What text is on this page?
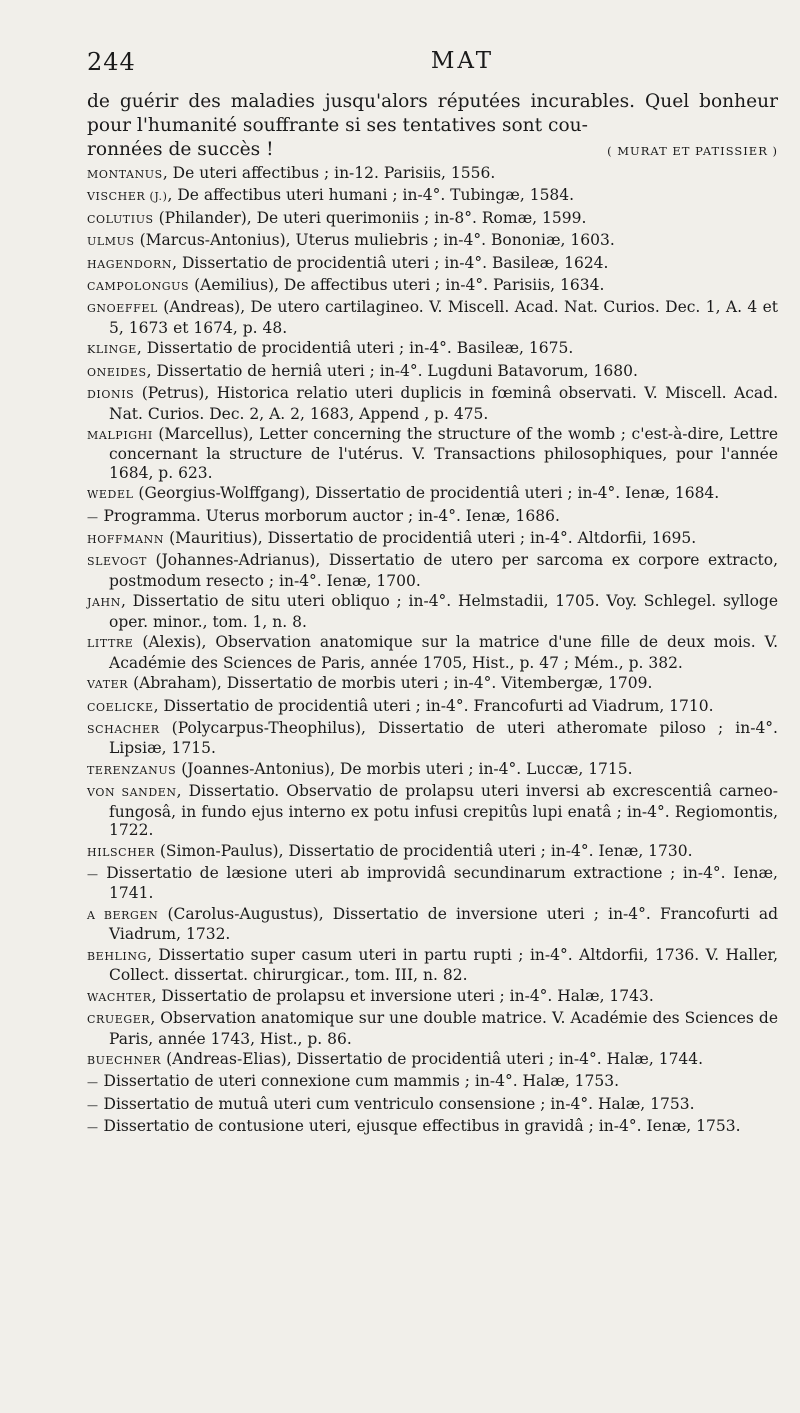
244	MAT

de guérir des maladies jusqu'alors réputées incurables. Quel bonheur pour l'humanité souffrante si ses tentatives sont cou-

ronnées de succès !	( MURAT ET PATISSIER )

MONTANUS, De uteri affectibus ; in-12. Parisiis, 1556.

VISCHER (J.), De affectibus uteri humani ; in-4°. Tubingæ, 1584.

COLUTIUS (Philander), De uteri querimoniis ; in-8°. Romæ, 1599.

ULMUS (Marcus-Antonius), Uterus muliebris ; in-4°. Bononiæ, 1603.

HAGENDORN, Dissertatio de procidentiâ uteri ; in-4°. Basileæ, 1624.

CAMPOLONGUS (Aemilius), De affectibus uteri ; in-4°. Parisiis, 1634.

GNOEFFEL (Andreas), De utero cartilagineo. V. Miscell. Acad. Nat. Curios. Dec. 1, A. 4 et 5, 1673 et 1674, p. 48.

KLINGE, Dissertatio de procidentiâ uteri ; in-4°. Basileæ, 1675.

ONEIDES, Dissertatio de herniâ uteri ; in-4°. Lugduni Batavorum, 1680.

DIONIS (Petrus), Historica relatio uteri duplicis in fœminâ observati. V. Miscell. Acad. Nat. Curios. Dec. 2, A. 2, 1683, Append , p. 475.

MALPIGHI (Marcellus), Letter concerning the structure of the womb ; c'est-à-dire, Lettre concernant la structure de l'utérus. V. Transactions philosophiques, pour l'année 1684, p. 623.

WEDEL (Georgius-Wolffgang), Dissertatio de procidentiâ uteri ; in-4°. Ienæ, 1684.

— Programma. Uterus morborum auctor ; in-4°. Ienæ, 1686.

HOFFMANN (Mauritius), Dissertatio de procidentiâ uteri ; in-4°. Altdorfii, 1695.

SLEVOGT (Johannes-Adrianus), Dissertatio de utero per sarcoma ex corpore extracto, postmodum resecto ; in-4°. Ienæ, 1700.

JAHN, Dissertatio de situ uteri obliquo ; in-4°. Helmstadii, 1705. Voy. Schlegel. sylloge oper. minor., tom. 1, n. 8.

LITTRE (Alexis), Observation anatomique sur la matrice d'une fille de deux mois. V. Académie des Sciences de Paris, année 1705, Hist., p. 47 ; Mém., p. 382.

VATER (Abraham), Dissertatio de morbis uteri ; in-4°. Vitembergæ, 1709.

COELICKE, Dissertatio de procidentiâ uteri ; in-4°. Francofurti ad Viadrum, 1710.

SCHACHER (Polycarpus-Theophilus), Dissertatio de uteri atheromate piloso ; in-4°. Lipsiæ, 1715.

TERENZANUS (Joannes-Antonius), De morbis uteri ; in-4°. Luccæ, 1715.

VON SANDEN, Dissertatio. Observatio de prolapsu uteri inversi ab excrescentiâ carneo-fungosâ, in fundo ejus interno ex potu infusi crepitûs lupi enatâ ; in-4°. Regiomontis, 1722.

HILSCHER (Simon-Paulus), Dissertatio de procidentiâ uteri ; in-4°. Ienæ, 1730.

— Dissertatio de læsione uteri ab improvidâ secundinarum extractione ; in-4°. Ienæ, 1741.

A BERGEN (Carolus-Augustus), Dissertatio de inversione uteri ; in-4°. Francofurti ad Viadrum, 1732.

BEHLING, Dissertatio super casum uteri in partu rupti ; in-4°. Altdorfii, 1736. V. Haller, Collect. dissertat. chirurgicar., tom. III, n. 82.

WACHTER, Dissertatio de prolapsu et inversione uteri ; in-4°. Halæ, 1743.

CRUEGER, Observation anatomique sur une double matrice. V. Académie des Sciences de Paris, année 1743, Hist., p. 86.

BUECHNER (Andreas-Elias), Dissertatio de procidentiâ uteri ; in-4°. Halæ, 1744.

— Dissertatio de uteri connexione cum mammis ; in-4°. Halæ, 1753.

— Dissertatio de mutuâ uteri cum ventriculo consensione ; in-4°. Halæ, 1753.

— Dissertatio de contusione uteri, ejusque effectibus in gravidâ ; in-4°. Ienæ, 1753.
